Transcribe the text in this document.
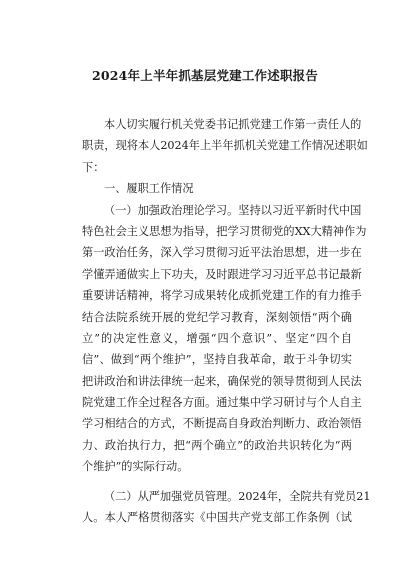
2024年上半年抓基层党建工作述职报告
本人切实履行机关党委书记抓党建工作第一责任人的
职责，现将本人2024年上半年抓机关党建工作情况述职如
下：
一、履职工作情况
（一）加强政治理论学习。坚持以习近平新时代中国
特色社会主义思想为指导，把学习贯彻党的XX大精神作为
第一政治任务，深入学习贯彻习近平法治思想，进一步在
学懂弄通做实上下功夫，及时跟进学习习近平总书记最新
重要讲话精神，将学习成果转化成抓党建工作的有力推手
结合法院系统开展的党纪学习教育，深刻领悟“两个确
立”的决定性意义，增强“四个意识”、坚定“四个自
信”、做到“两个维护”，坚持自我革命，敢于斗争切实
把讲政治和讲法律统一起来，确保党的领导贯彻到人民法
院党建工作全过程各方面。通过集中学习研讨与个人自主
学习相结合的方式，不断提高自身政治判断力、政治领悟
力、政治执行力，把“两个确立”的政治共识转化为“两
个维护”的实际行动。
（二）从严加强党员管理。2024年，全院共有党员21
人。本人严格贯彻落实《中国共产党支部工作条例（试
